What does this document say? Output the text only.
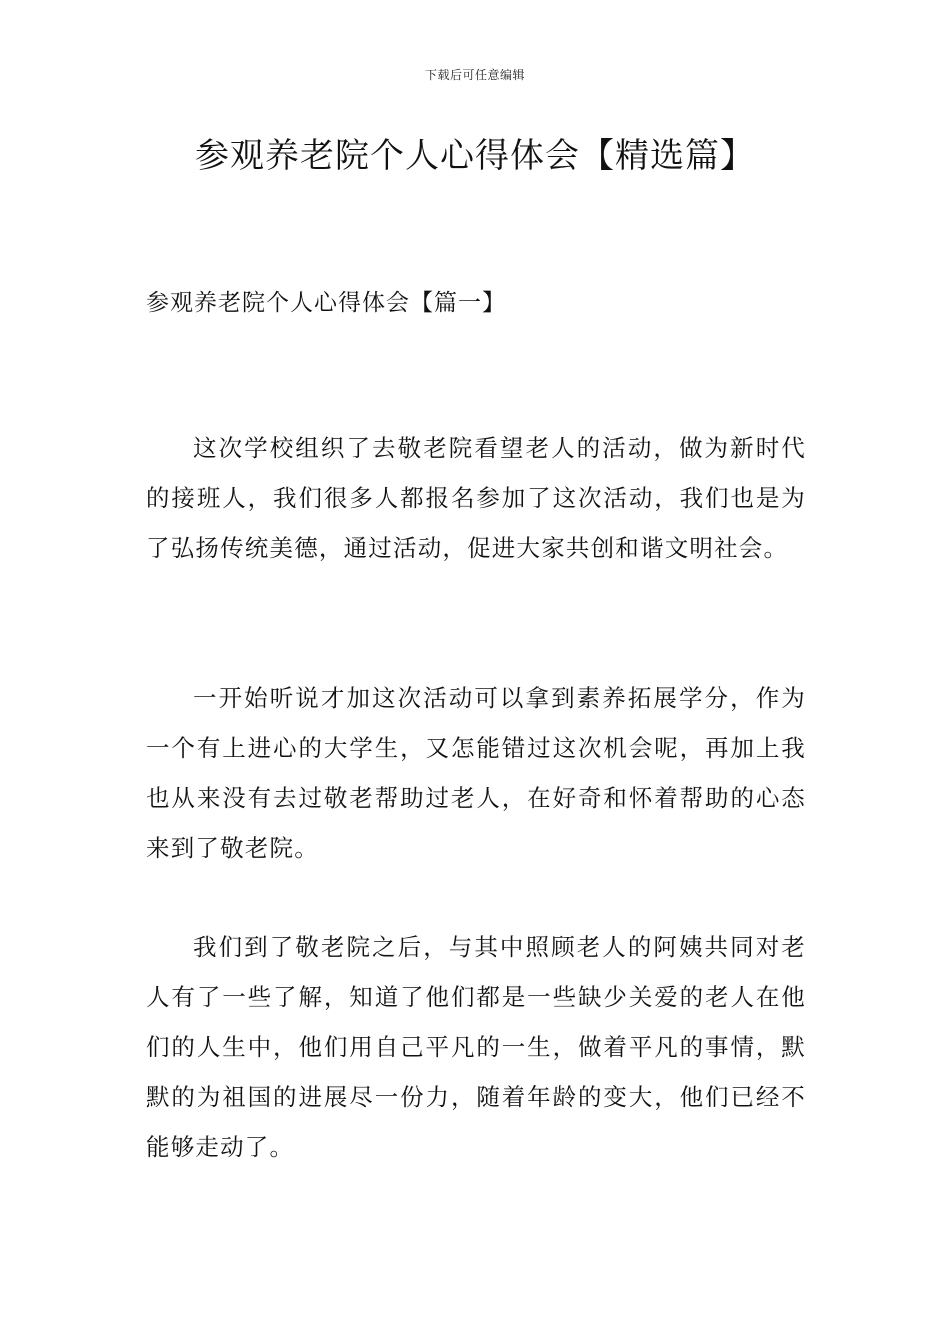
下载后可任意编辑
参观养老院个人心得体会【精选篇】
参观养老院个人心得体会【篇一】

这次学校组织了去敬老院看望老人的活动，做为新时代的接班人，我们很多人都报名参加了这次活动，我们也是为了弘扬传统美德，通过活动，促进大家共创和谐文明社会。

一开始听说才加这次活动可以拿到素养拓展学分，作为一个有上进心的大学生，又怎能错过这次机会呢，再加上我也从来没有去过敬老帮助过老人，在好奇和怀着帮助的心态来到了敬老院。

我们到了敬老院之后，与其中照顾老人的阿姨共同对老人有了一些了解，知道了他们都是一些缺少关爱的老人在他们的人生中，他们用自己平凡的一生，做着平凡的事情，默默的为祖国的进展尽一份力，随着年龄的变大，他们已经不能够走动了。
